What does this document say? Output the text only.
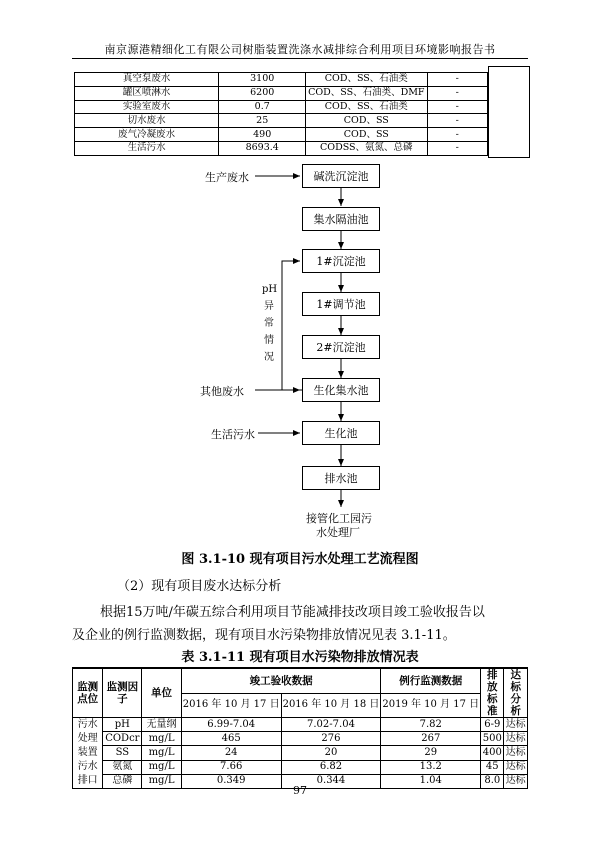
南京源港精细化工有限公司树脂装置洗涤水减排综合利用项目环境影响报告书
真空泵废水	3100	COD、SS、石油类	-
罐区喷淋水	6200	COD、SS、石油类、DMF	-
实验室废水	0.7	COD、SS、石油类	-
切水废水	25	COD、SS	-
废气冷凝废水	490	COD、SS	-
生活污水	8693.4	CODSS、氨氮、总磷	-
碱洗沉淀池
集水隔油池
1#沉淀池
1#调节池
2#沉淀池
生化集水池
生化池
排水池
生产废水
其他废水
生活污水
pH
异
常
情
况
接管化工园污
水处理厂
图 3.1-10 现有项目污水处理工艺流程图
（2）现有项目废水达标分析
根据15万吨/年碳五综合利用项目节能减排技改项目竣工验收报告以
及企业的例行监测数据，现有项目水污染物排放情况见表 3.1-11。
表 3.1-11 现有项目水污染物排放情况表
监测点位	监测因子	单位	竣工验收数据		例行监测数据	排放标准	达标分析
			2016 年 10 月 17 日	2016 年 10 月 18 日	2019 年 10 月 17 日		
污水处理装置污水排口	pH	无量纲	6.99-7.04	7.02-7.04	7.82	6-9	达标
	CODcr	mg/L	465	276	267	500	达标
	SS	mg/L	24	20	29	400	达标
	氨氮	mg/L	7.66	6.82	13.2	45	达标
	总磷	mg/L	0.349	0.344	1.04	8.0	达标
97
